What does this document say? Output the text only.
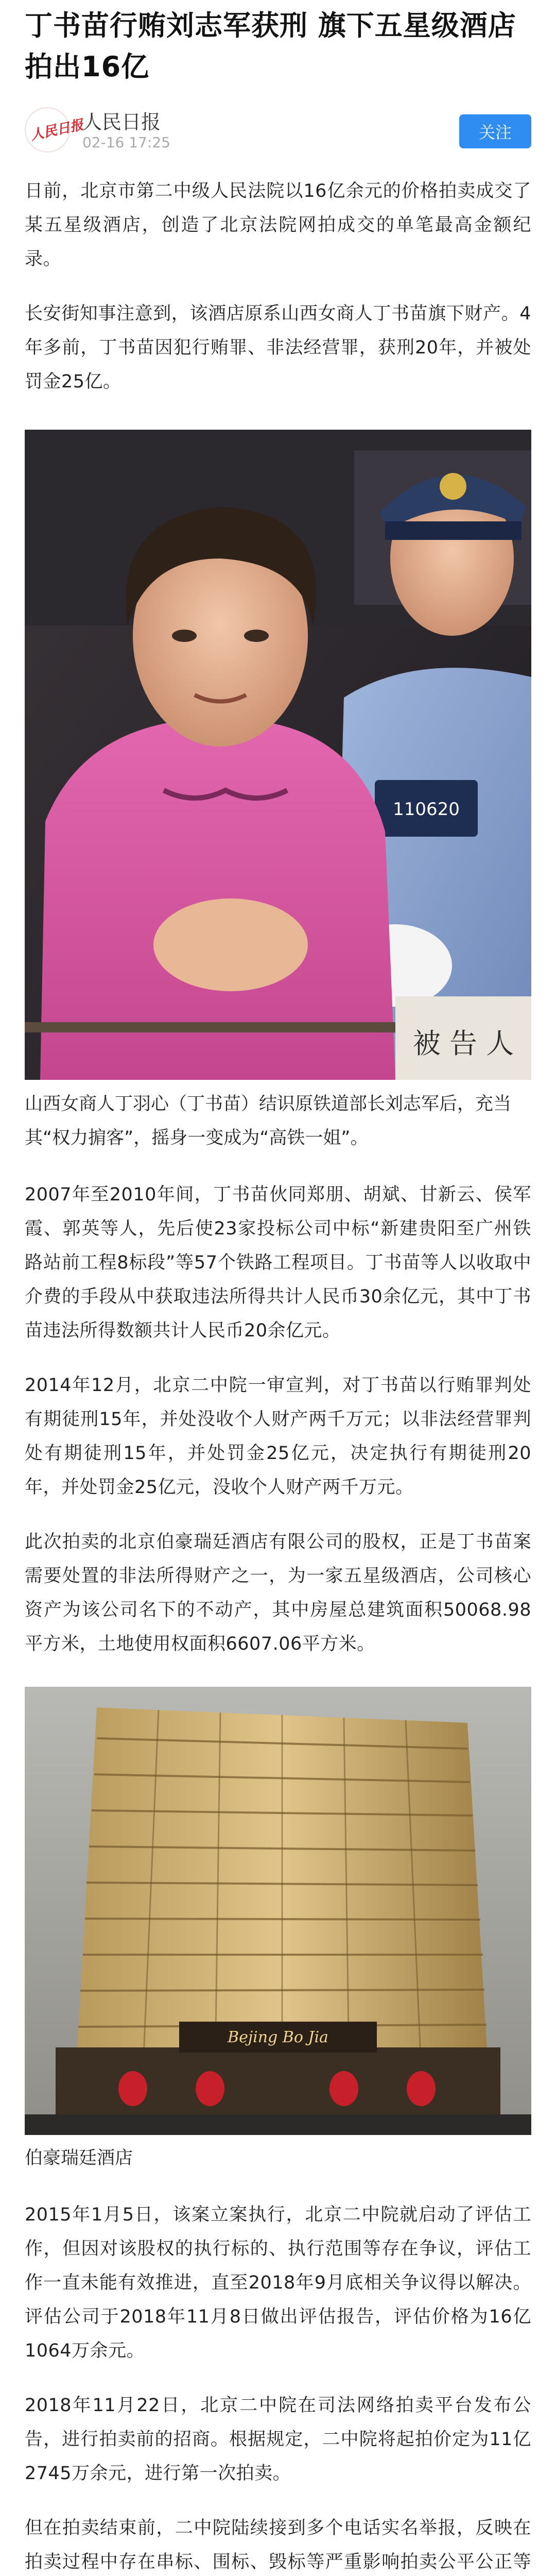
丁书苗行贿刘志军获刑 旗下五星级酒店拍出16亿
人民日报
人民日报
02-16 17:25
关注

日前，北京市第二中级人民法院以16亿余元的价格拍卖成交了某五星级酒店，创造了北京法院网拍成交的单笔最高金额纪录。

长安街知事注意到，该酒店原系山西女商人丁书苗旗下财产。4年多前，丁书苗因犯行贿罪、非法经营罪，获刑20年，并被处罚金25亿。

110620
被 告 人

山西女商人丁羽心（丁书苗）结识原铁道部长刘志军后，充当其“权力掮客”，摇身一变成为“高铁一姐”。

2007年至2010年间，丁书苗伙同郑朋、胡斌、甘新云、侯军霞、郭英等人，先后使23家投标公司中标“新建贵阳至广州铁路站前工程8标段”等57个铁路工程项目。丁书苗等人以收取中介费的手段从中获取违法所得共计人民币30余亿元，其中丁书苗违法所得数额共计人民币20余亿元。

2014年12月，北京二中院一审宣判，对丁书苗以行贿罪判处有期徒刑15年，并处没收个人财产两千万元；以非法经营罪判处有期徒刑15年，并处罚金25亿元，决定执行有期徒刑20年，并处罚金25亿元，没收个人财产两千万元。

此次拍卖的北京伯豪瑞廷酒店有限公司的股权，正是丁书苗案需要处置的非法所得财产之一，为一家五星级酒店，公司核心资产为该公司名下的不动产，其中房屋总建筑面积50068.98平方米，土地使用权面积6607.06平方米。

Bejing Bo Jia

伯豪瑞廷酒店

2015年1月5日，该案立案执行，北京二中院就启动了评估工作，但因对该股权的执行标的、执行范围等存在争议，评估工作一直未能有效推进，直至2018年9月底相关争议得以解决。评估公司于2018年11月8日做出评估报告，评估价格为16亿1064万余元。

2018年11月22日，北京二中院在司法网络拍卖平台发布公告，进行拍卖前的招商。根据规定，二中院将起拍价定为11亿2745万余元，进行第一次拍卖。

但在拍卖结束前，二中院陆续接到多个电话实名举报，反映在拍卖过程中存在串标、围标、毁标等严重影响拍卖公平公正等
